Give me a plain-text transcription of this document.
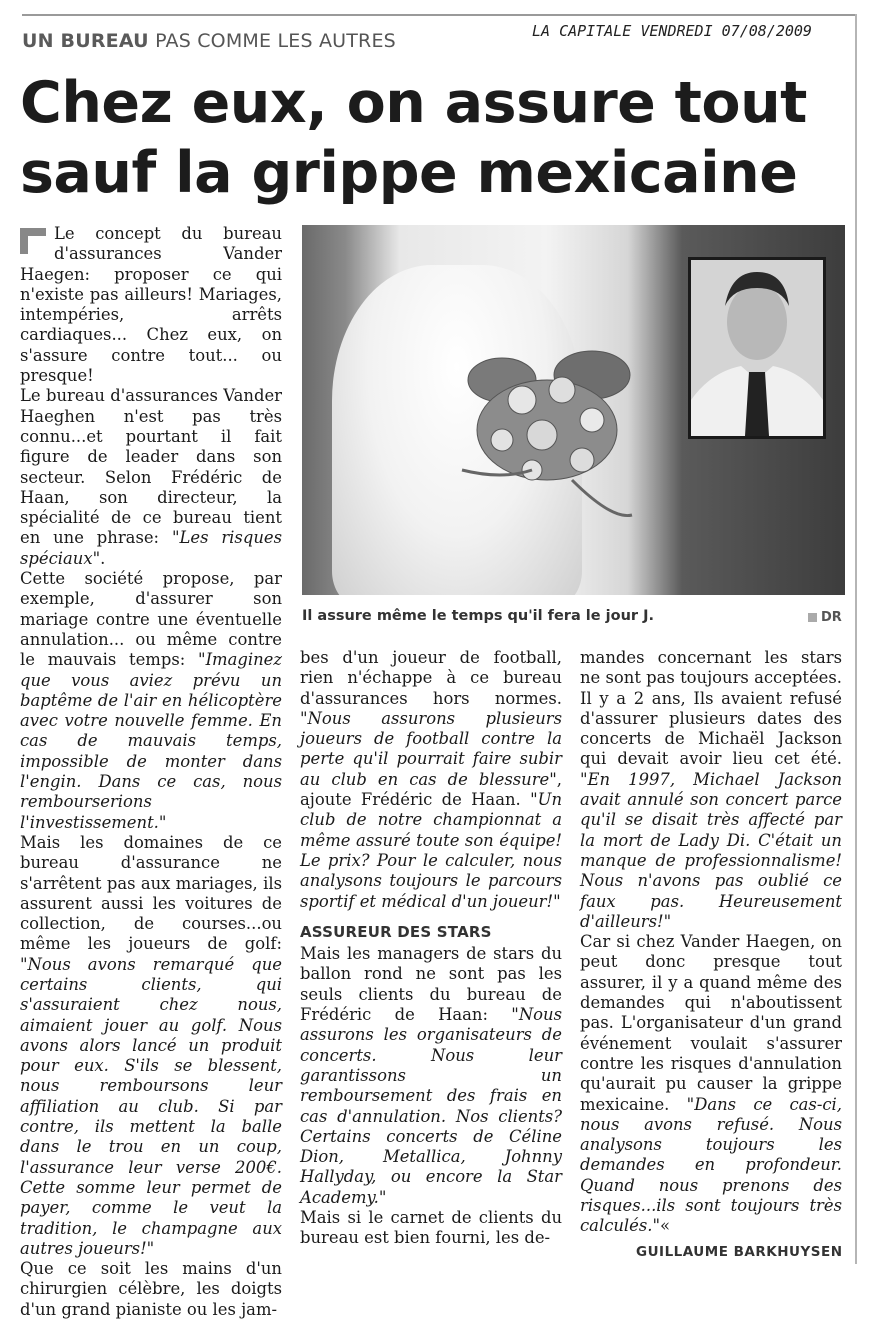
UN BUREAU PAS COMME LES AUTRES	LA CAPITALE VENDREDI 07/08/2009
Chez eux, on assure tout
sauf la grippe mexicaine

Le concept du bureau d'assurances Vander Haegen: proposer ce qui n'existe pas ailleurs! Mariages, intempéries, arrêts cardiaques... Chez eux, on s'assure contre tout... ou presque!

Le bureau d'assurances Vander Haeghen n'est pas très connu...et pourtant il fait figure de leader dans son secteur. Selon Frédéric de Haan, son directeur, la spécialité de ce bureau tient en une phrase: "Les risques spéciaux".

Cette société propose, par exemple, d'assurer son mariage contre une éventuelle annulation... ou même contre le mauvais temps: "Imaginez que vous aviez prévu un baptême de l'air en hélicoptère avec votre nouvelle femme. En cas de mauvais temps, impossible de monter dans l'engin. Dans ce cas, nous rembourserions l'investissement."

Mais les domaines de ce bureau d'assurance ne s'arrêtent pas aux mariages, ils assurent aussi les voitures de collection, de courses...ou même les joueurs de golf: "Nous avons remarqué que certains clients, qui s'assuraient chez nous, aimaient jouer au golf. Nous avons alors lancé un produit pour eux. S'ils se blessent, nous remboursons leur affiliation au club. Si par contre, ils mettent la balle dans le trou en un coup, l'assurance leur verse 200€. Cette somme leur permet de payer, comme le veut la tradition, le champagne aux autres joueurs!"

Que ce soit les mains d'un chirurgien célèbre, les doigts d'un grand pianiste ou les jam-

Il assure même le temps qu'il fera le jour J.	DR

bes d'un joueur de football, rien n'échappe à ce bureau d'assurances hors normes. "Nous assurons plusieurs joueurs de football contre la perte qu'il pourrait faire subir au club en cas de blessure", ajoute Frédéric de Haan. "Un club de notre championnat a même assuré toute son équipe! Le prix? Pour le calculer, nous analysons toujours le parcours sportif et médical d'un joueur!"

ASSUREUR DES STARS

Mais les managers de stars du ballon rond ne sont pas les seuls clients du bureau de Frédéric de Haan: "Nous assurons les organisateurs de concerts. Nous leur garantissons un remboursement des frais en cas d'annulation. Nos clients? Certains concerts de Céline Dion, Metallica, Johnny Hallyday, ou encore la Star Academy."

Mais si le carnet de clients du bureau est bien fourni, les de-

mandes concernant les stars ne sont pas toujours acceptées. Il y a 2 ans, Ils avaient refusé d'assurer plusieurs dates des concerts de Michaël Jackson qui devait avoir lieu cet été. "En 1997, Michael Jackson avait annulé son concert parce qu'il se disait très affecté par la mort de Lady Di. C'était un manque de professionnalisme! Nous n'avons pas oublié ce faux pas. Heureusement d'ailleurs!"

Car si chez Vander Haegen, on peut donc presque tout assurer, il y a quand même des demandes qui n'aboutissent pas. L'organisateur d'un grand événement voulait s'assurer contre les risques d'annulation qu'aurait pu causer la grippe mexicaine. "Dans ce cas-ci, nous avons refusé. Nous analysons toujours les demandes en profondeur. Quand nous prenons des risques...ils sont toujours très calculés."«

GUILLAUME BARKHUYSEN
